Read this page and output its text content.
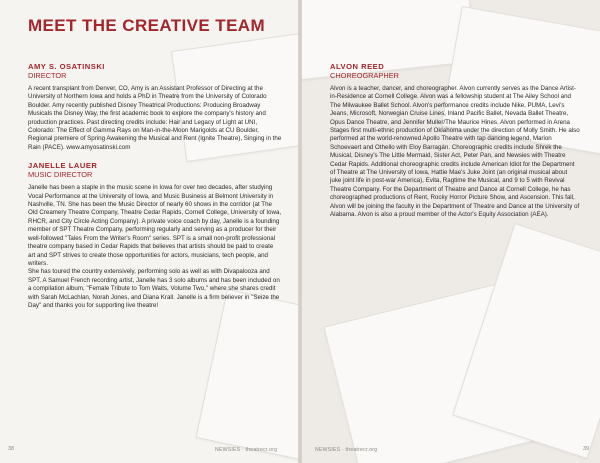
MEET THE CREATIVE TEAM
AMY S. OSATINSKI
DIRECTOR

A recent transplant from Denver, CO, Amy is an Assistant Professor of Directing at the University of Northern Iowa and holds a PhD in Theatre from the University of Colorado Boulder. Amy recently published Disney Theatrical Productions: Producing Broadway Musicals the Disney Way, the first academic book to explore the company's history and production practices. Past directing credits include: Hair and Legacy of Light at UNI, Colorado: The Effect of Gamma Rays on Man-in-the-Moon Marigolds at CU Boulder, Regional premiere of Spring Awakening the Musical and Rent (Ignite Theatre), Singing in the Rain (PACE). www.amyosatinski.com

JANELLE LAUER
MUSIC DIRECTOR

Janelle has been a staple in the music scene in Iowa for over two decades, after studying Vocal Performance at the University of Iowa, and Music Business at Belmont University in Nashville, TN. She has been the Music Director of nearly 60 shows in the corridor (at The Old Creamery Theatre Company, Theatre Cedar Rapids, Cornell College, University of Iowa, RHCR, and City Circle Acting Company). A private voice coach by day, Janelle is a founding member of SPT Theatre Company, performing regularly and serving as a producer for their well-followed "Tales From the Writer's Room" series. SPT is a small non-profit professional theatre company based in Cedar Rapids that believes that artists should be paid to create art and SPT strives to create those opportunities for actors, musicians, tech people, and writers.

She has toured the country extensively, performing solo as well as with Divapalooza and SPT. A Samuel French recording artist, Janelle has 3 solo albums and has been included on a compilation album, "Female Tribute to Tom Waits, Volume Two," where she shares credit with Sarah McLachlan, Norah Jones, and Diana Krall. Janelle is a firm believer in "Seize the Day" and thanks you for supporting live theatre!

ALVON REED
CHOREOGRAPHER

Alvon is a teacher, dancer, and choreographer. Alvon currently serves as the Dance Artist-in-Residence at Cornell College. Alvon was a fellowship student at The Ailey School and The Milwaukee Ballet School. Alvon's performance credits include Nike, PUMA, Levi's Jeans, Microsoft, Norwegian Cruise Lines, Inland Pacific Ballet, Nevada Ballet Theatre, Opus Dance Theatre, and Jennifer Muller/The Maurice Hines. Alvon performed in Arena Stages first multi-ethnic production of Oklahoma under the direction of Molly Smith. He also performed at the world-renowned Apollo Theatre with tap dancing legend, Marion Schoevaert and Othello with Eloy Barragán. Choreographic credits include Shrek the Musical, Disney's The Little Mermaid, Sister Act, Peter Pan, and Newsies with Theatre Cedar Rapids. Additional choreographic credits include American Idiot for the Department of Theatre at The University of Iowa, Hattie Mae's Juke Joint (an original musical about juke joint life in post-war America), Evita, Ragtime the Musical, and 9 to 5 with Revival Theatre Company. For the Department of Theatre and Dance at Cornell College, he has choreographed productions of Rent, Rocky Horror Picture Show, and Ascension. This fall, Alvon will be joining the faculty in the Department of Theatre and Dance at the University of Alabama. Alvon is also a proud member of the Actor's Equity Association (AEA).

38	NEWSIES · theatrecr.org	NEWSIES · theatrecr.org	39
